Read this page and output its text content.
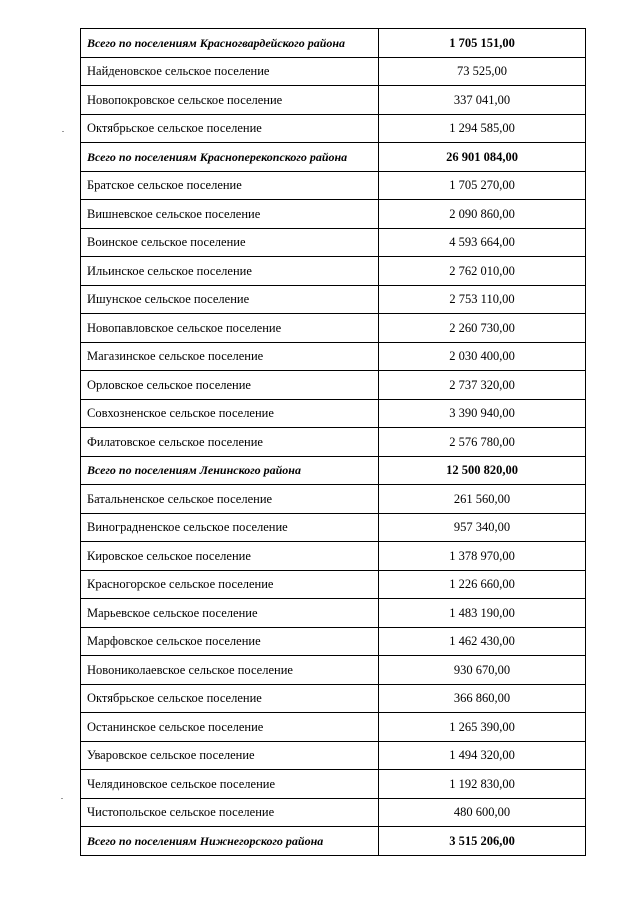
Всего по поселениям Красногвардейского района	1 705 151,00
Найденовское сельское поселение	73 525,00
Новопокровское сельское поселение	337 041,00
Октябрьское сельское поселение	1 294 585,00
Всего по поселениям Красноперекопского района	26 901 084,00
Братское сельское поселение	1 705 270,00
Вишневское сельское поселение	2 090 860,00
Воинское сельское поселение	4 593 664,00
Ильинское сельское поселение	2 762 010,00
Ишунское сельское поселение	2 753 110,00
Новопавловское сельское поселение	2 260 730,00
Магазинское сельское поселение	2 030 400,00
Орловское сельское поселение	2 737 320,00
Совхозненское сельское поселение	3 390 940,00
Филатовское сельское поселение	2 576 780,00
Всего по поселениям Ленинского района	12 500 820,00
Батальненское сельское поселение	261 560,00
Виноградненское сельское поселение	957 340,00
Кировское сельское поселение	1 378 970,00
Красногорское сельское поселение	1 226 660,00
Марьевское сельское поселение	1 483 190,00
Марфовское сельское поселение	1 462 430,00
Новониколаевское сельское поселение	930 670,00
Октябрьское сельское поселение	366 860,00
Останинское сельское поселение	1 265 390,00
Уваровское сельское поселение	1 494 320,00
Челядиновское сельское поселение	1 192 830,00
Чистопольское сельское поселение	480 600,00
Всего по поселениям Нижнегорского района	3 515 206,00
